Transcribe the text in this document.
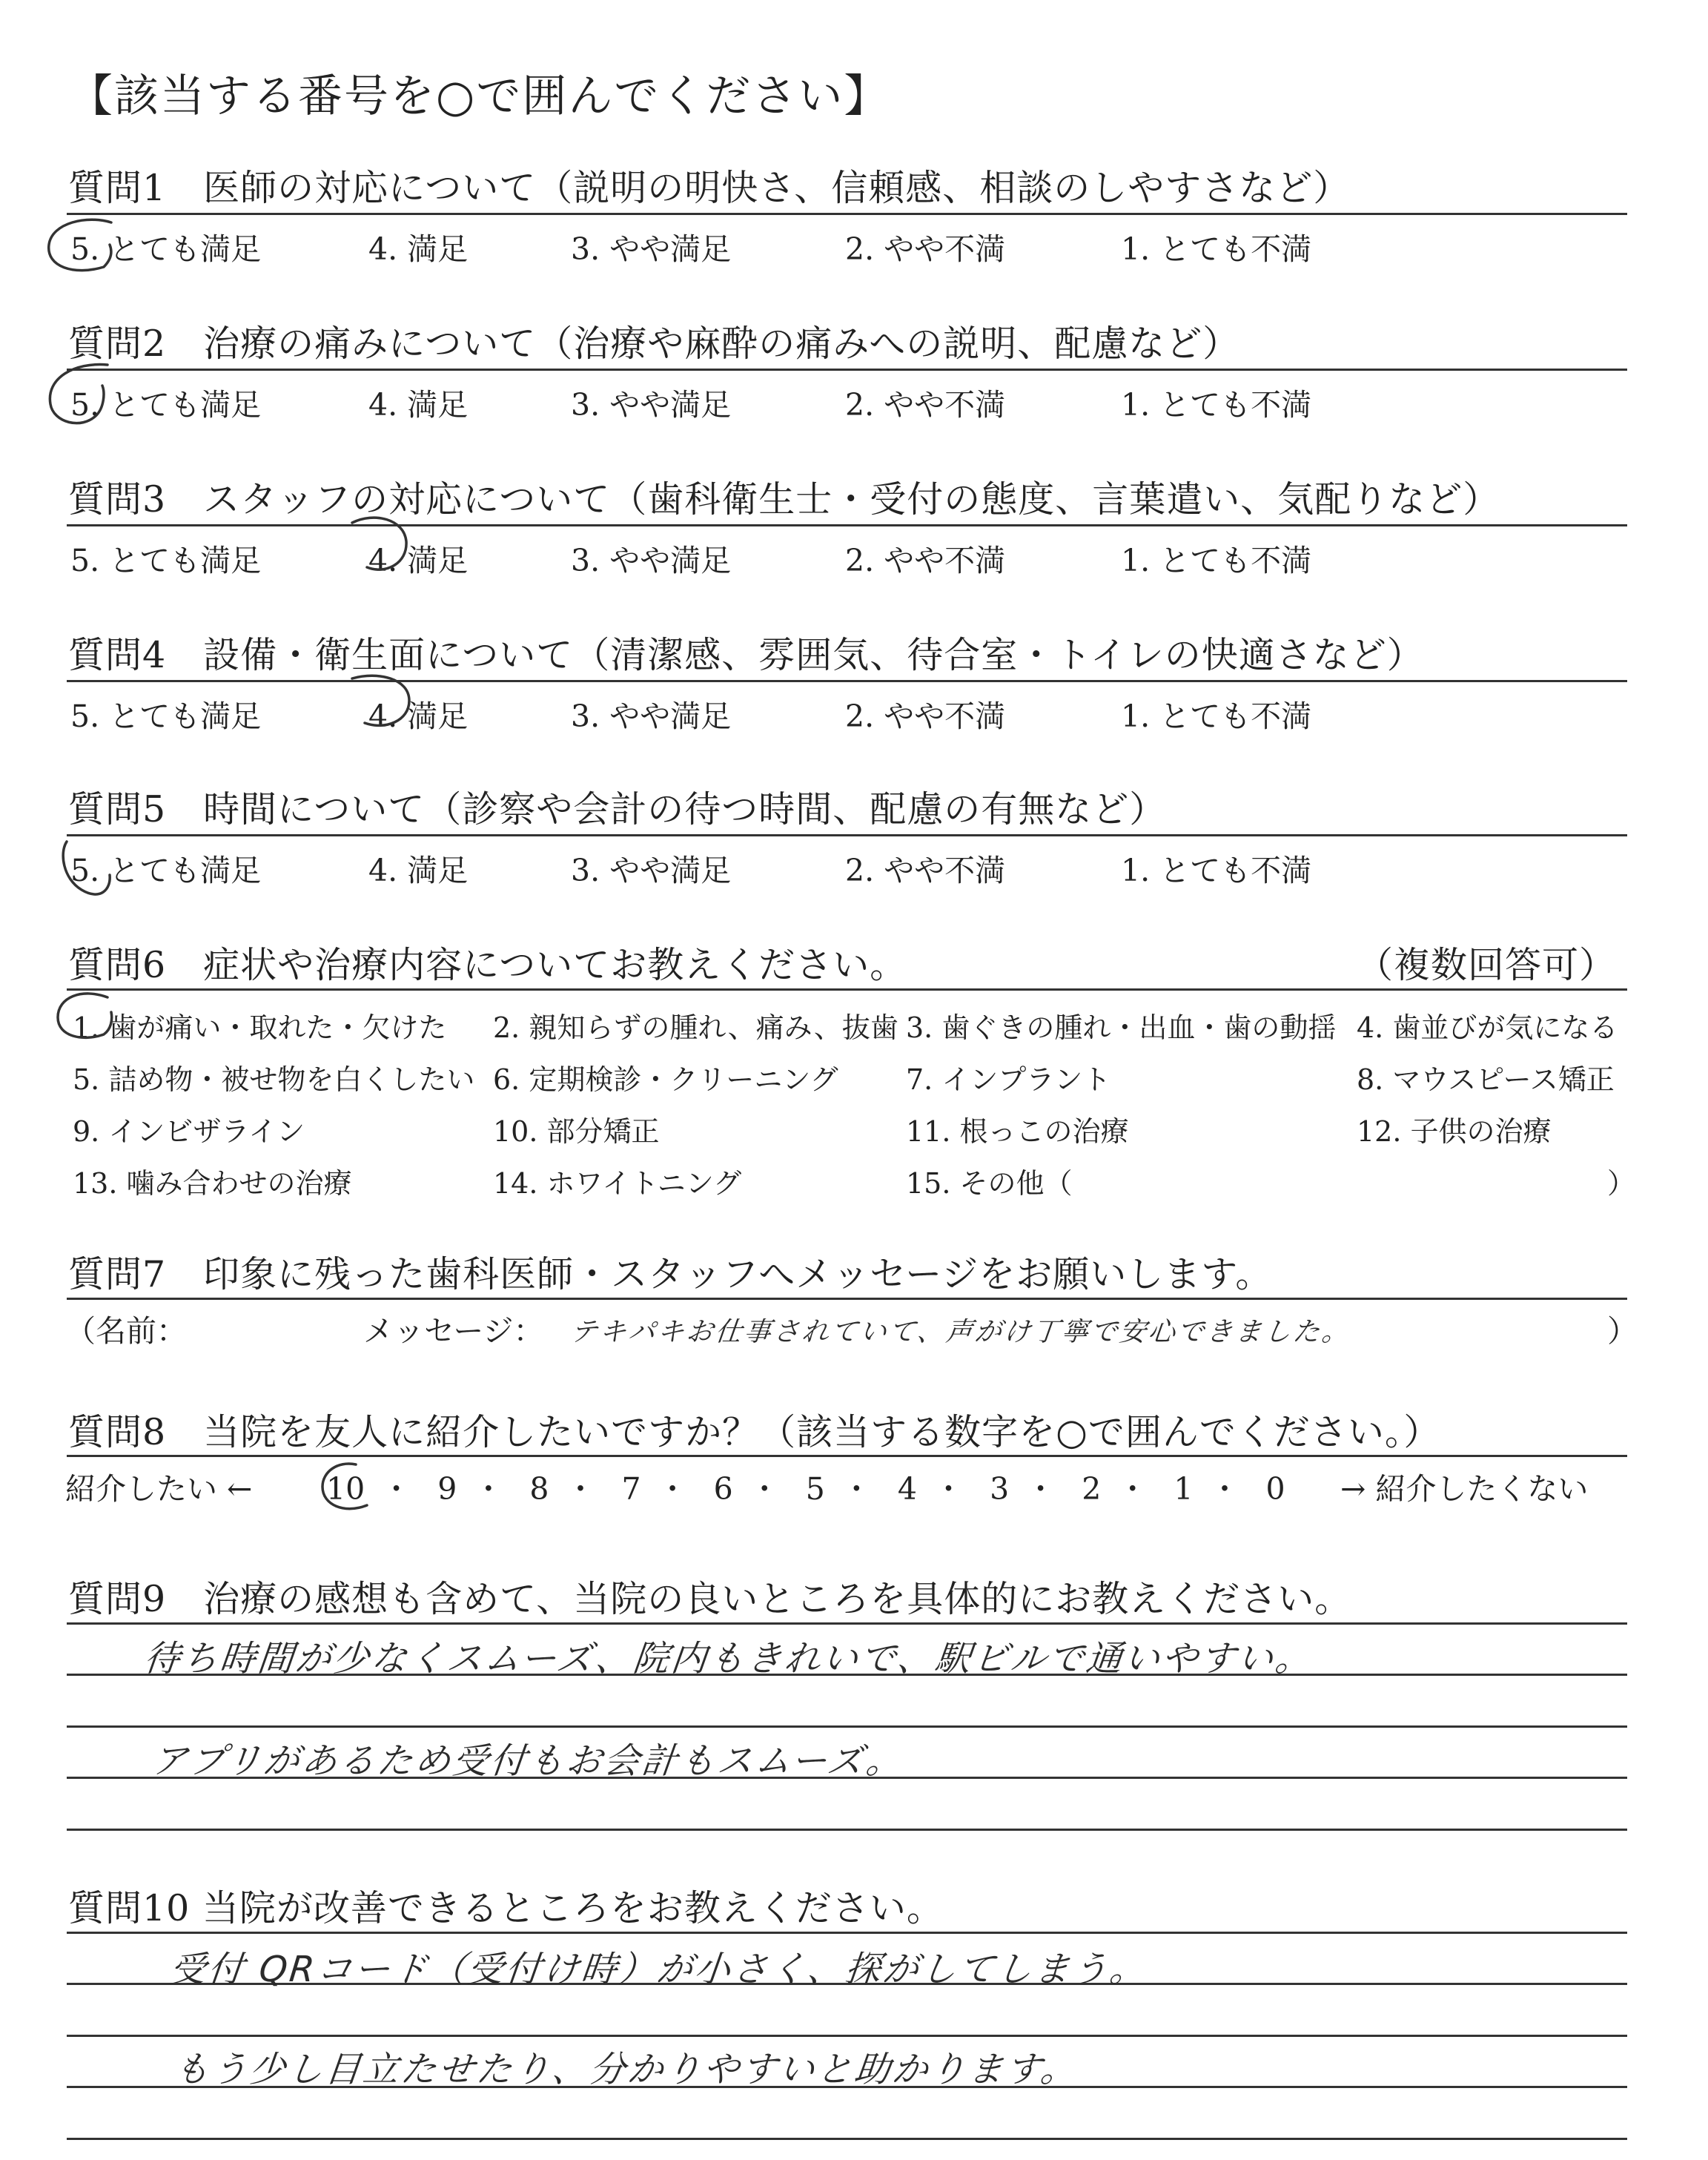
【該当する番号を○で囲んでください】
質問1　医師の対応について（説明の明快さ、信頼感、相談のしやすさなど）
5. とても満足	4. 満足	3. やや満足	2. やや不満	1. とても不満
質問2　治療の痛みについて（治療や麻酔の痛みへの説明、配慮など）
5. とても満足	4. 満足	3. やや満足	2. やや不満	1. とても不満
質問3　スタッフの対応について（歯科衛生士・受付の態度、言葉遣い、気配りなど）
5. とても満足	4. 満足	3. やや満足	2. やや不満	1. とても不満
質問4　設備・衛生面について（清潔感、雰囲気、待合室・トイレの快適さなど）
5. とても満足	4. 満足	3. やや満足	2. やや不満	1. とても不満
質問5　時間について（診察や会計の待つ時間、配慮の有無など）
5. とても満足	4. 満足	3. やや満足	2. やや不満	1. とても不満
質問6　症状や治療内容についてお教えください。	（複数回答可）
1. 歯が痛い・取れた・欠けた 2. 親知らずの腫れ、痛み、抜歯 3. 歯ぐきの腫れ・出血・歯の動揺 4. 歯並びが気になる
5. 詰め物・被せ物を白くしたい 6. 定期検診・クリーニング 7. インプラント	8. マウスピース矯正
9. インビザライン	10. 部分矯正	11. 根っこの治療	12. 子供の治療
13. 噛み合わせの治療	14. ホワイトニング	15. その他（	）
質問7　印象に残った歯科医師・スタッフへメッセージをお願いします。
（名前：	メッセージ： テキパキお仕事されていて、声がけ丁寧で安心できました。	）
質問8　当院を友人に紹介したいですか？（該当する数字を○で囲んでください。）
紹介したい ← 10 ・ 9 ・ 8 ・ 7 ・ 6 ・ 5 ・ 4 ・ 3 ・ 2 ・ 1 ・ 0 → 紹介したくない
質問9　治療の感想も含めて、当院の良いところを具体的にお教えください。
待ち時間が少なくスムーズ、院内もきれいで、駅ビルで通いやすい。
アプリがあるため受付もお会計もスムーズ。
質問10 当院が改善できるところをお教えください。
受付 QRコード（受付け時）が小さく、探がしてしまう。
もう少し目立たせたり、分かりやすいと助かります。
